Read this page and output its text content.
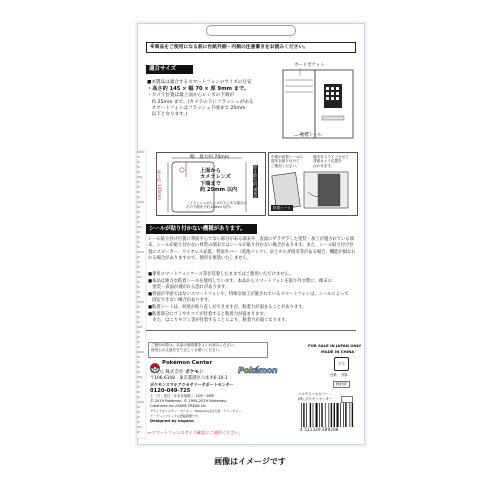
※商品をご使用になる前に台紙外側・内側の注意書きをお読みください。
適合サイズ
■本製品は適合するスマートフォンのサイズの目安
・高さ約 145 × 幅 70 × 厚 9mm まで。
・カメラ位置は最上面からレンズの下端が
　約 25mm まで。(カメラの下にフラッシュがある
　スマートフォンはフラッシュ下端まで 25mm
　以下となります。)
カードポケット
粘着シール
幅　最大約 70mm
高さ約 145mm	厚さ最大約 9mm
上面から
カメラレンズ
下端まで
約 25mm 以内
（フラッシュがレンズの下にある場合は
その下端まで約 25mm 以内）
中面の粘着シールに
端末を貼り付けて
ご使用ください。
端末をスライドさせて
背面カメラ位置を
合わせます。
粘着シート
シールが貼り付かない機種があります。
シール貼り付け位置に背面平らでない部分がある端末や、表面にザラザラした塗装・加工が施されている端末、シールが貼り付かない材質の端末ではシールが貼り付かない場合があります。また、シール貼り付け位置にスピーカー、ワイヤレス充電、背面カバー（電池パック）、卓上ホルダ接点等がある場合、機能が損なわれる場合がありますので、使用を推奨いたしません。
■専用スマートフォンケース等を装着したままではご使用いただけません。
■本品は強力な粘着シールを使用しています。本品からスマートフォンを取り外す際に、端末の
　塗装・表面が剥がれる恐れがあります。
■背面が平面ではないスマートフォンや、特殊な加工が施されているスマートフォンは、シールによって
　固定できない場合があります。
■粘着シートは、何度か貼り直しができますが、粘着力が弱まることがあります。
■粘着部分にゴミやホコリが付着すると粘着力が弱まります。
　また、はこりやゴミ等が付着することにより、粘着力が弱くなります。
ご使用の際は、本品の説明書をよくお読みください。
使用上の注意を守り正しくお使いください。
Pokémon Center
発売元 株式会社 ポケモン
〒106-6108　東京都港区六本木6-10-1
ポケモンスマホアクセサリーサポートセンター
0120-049-725
土・日・祝日・年末年始除く 11時～18時
© 2019 Pokémon. © 1995-2019 Nintendo/
Creatures Inc./GAME FREAK inc.
ポケットモンスター・ポケモン・Pokémonは任天堂・クリーチャーズ・ゲームフリークの登録商標です。
Designed by nagano
Pokémon
FOR SALE IN JAPAN ONLY
MADE IN CHINA
プラ
台紙 外装
検針済
マルチスマホカバー
(M)_ポケモンセンター
4 521329 289298
←スマートフォンのサイズ確認にご使用ください。
画像はイメージです
